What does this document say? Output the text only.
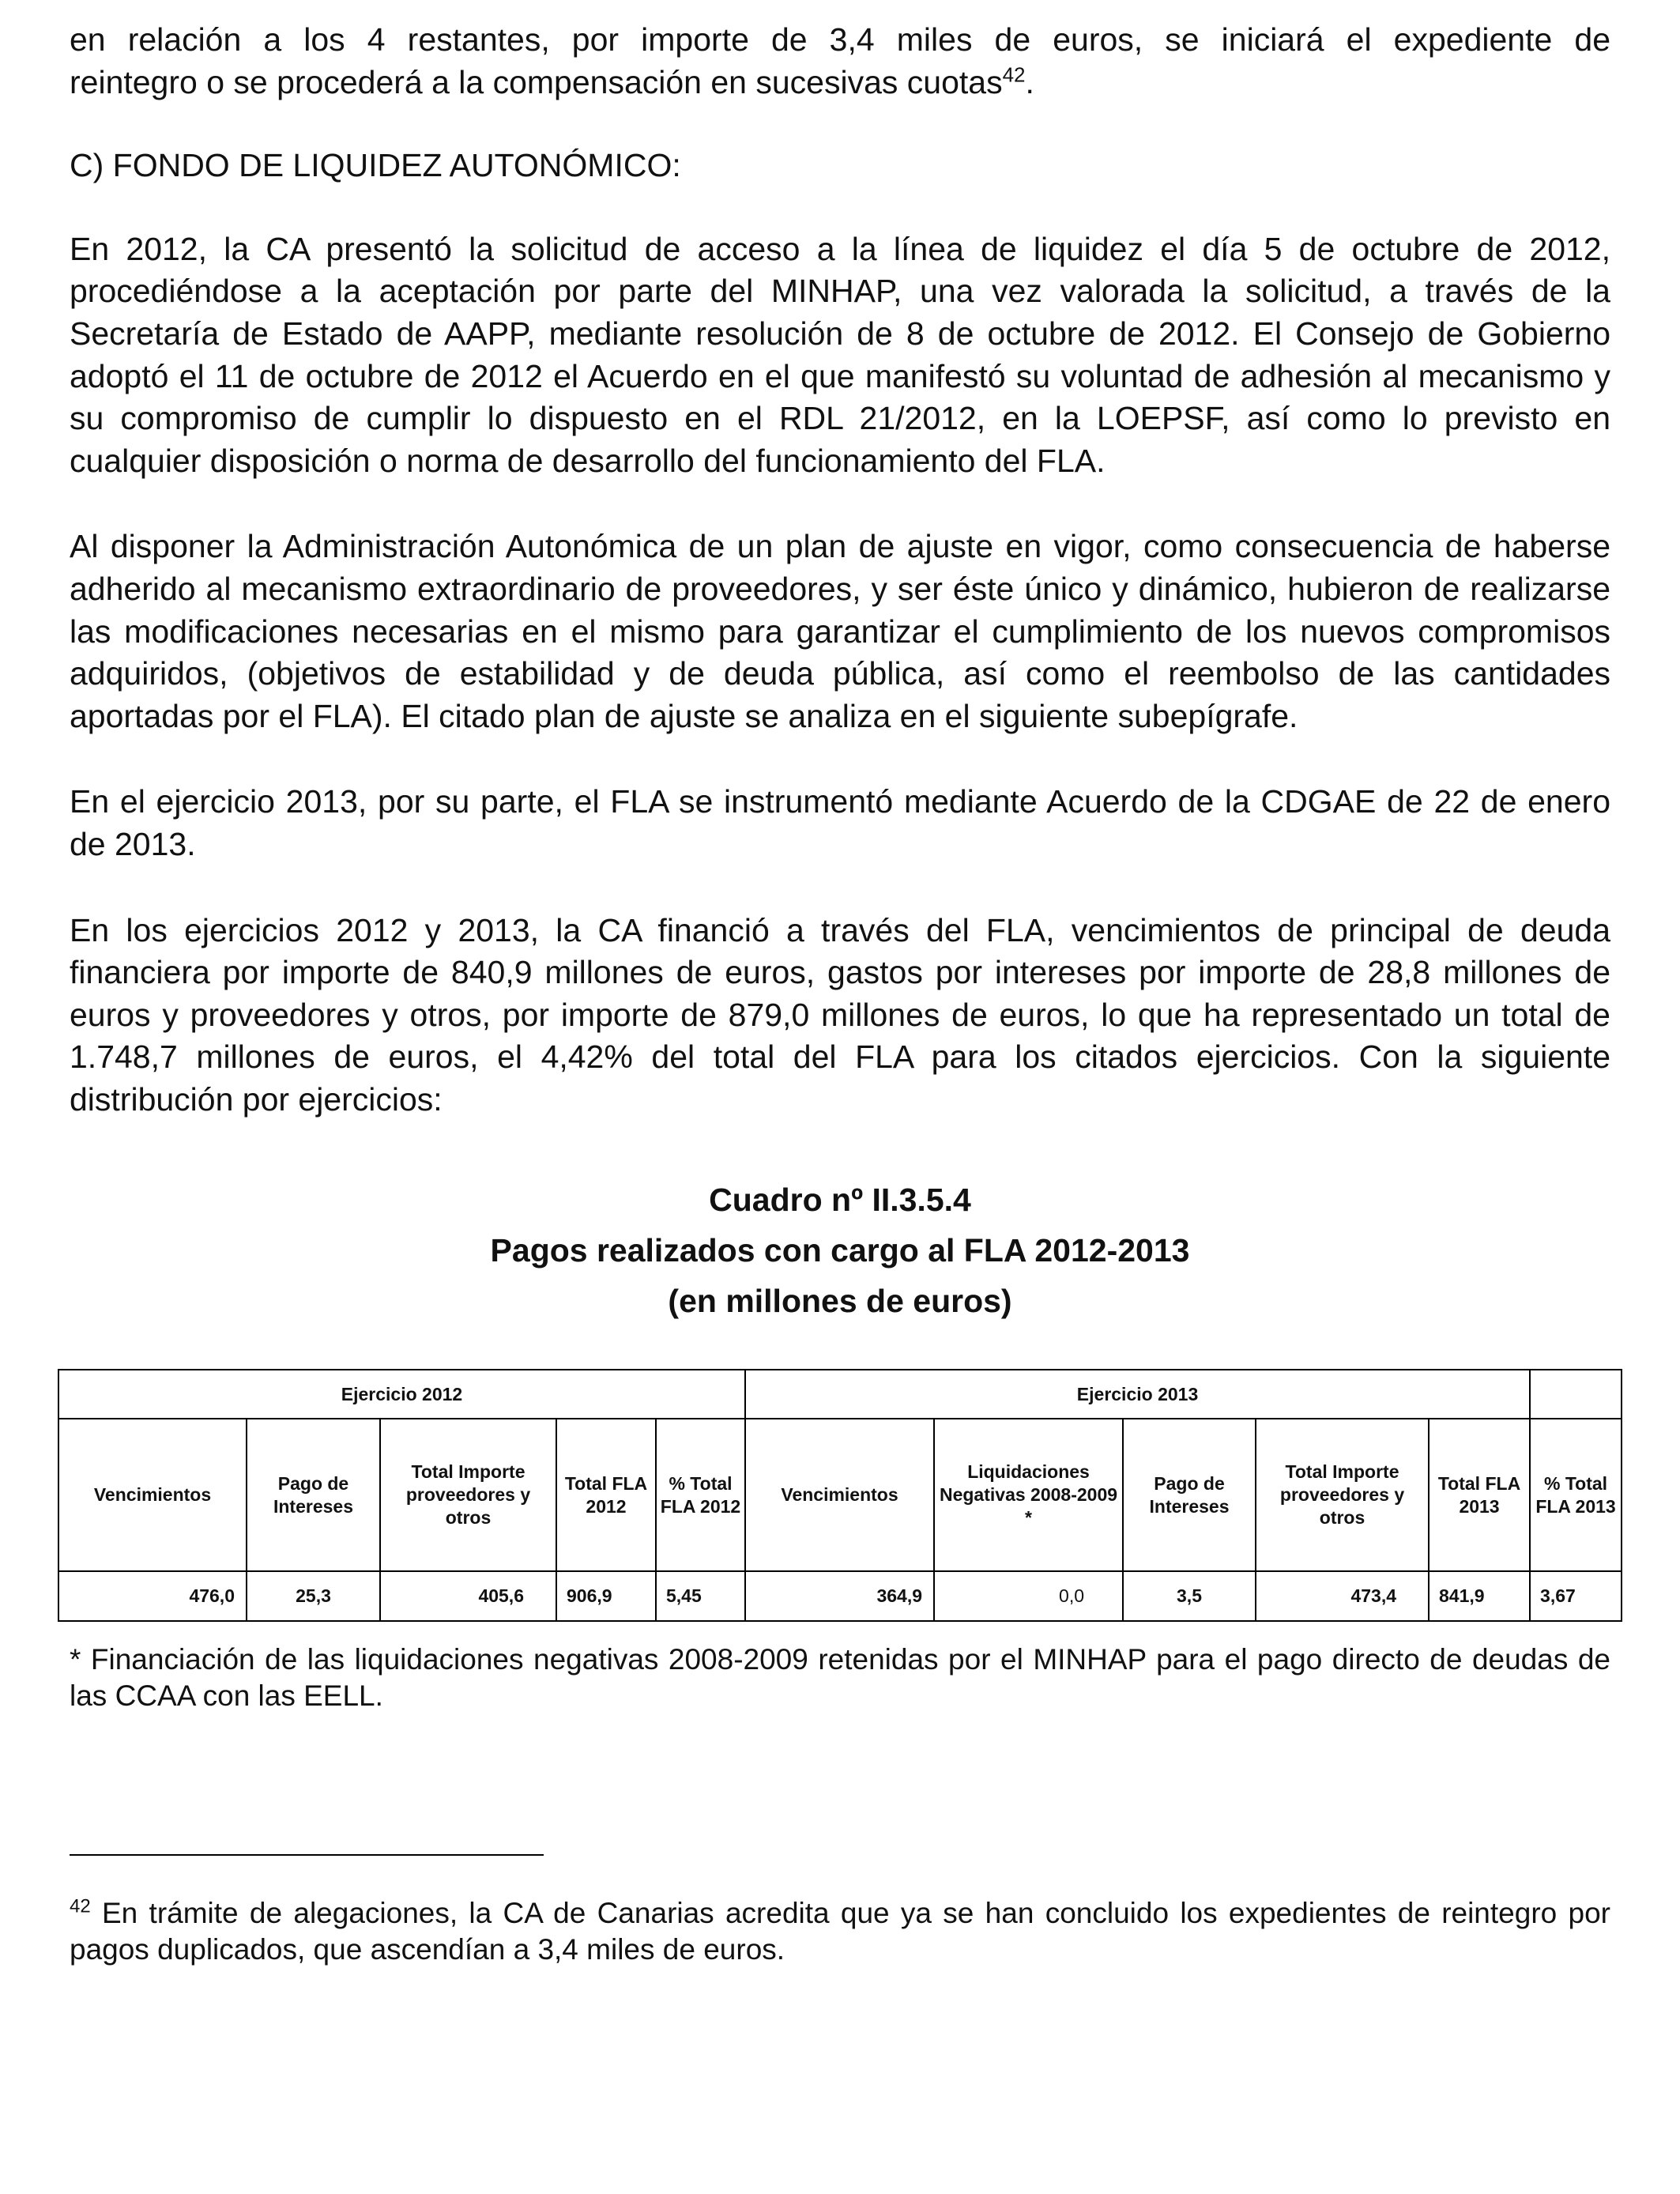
en relación a los 4 restantes, por importe de 3,4 miles de euros, se iniciará el expediente de

reintegro o se procederá a la compensación en sucesivas cuotas$^{42}$.

C) FONDO DE LIQUIDEZ AUTONÓMICO:

En 2012, la CA presentó la solicitud de acceso a la línea de liquidez el día 5 de octubre de 2012, procediéndose a la aceptación por parte del MINHAP, una vez valorada la solicitud, a través de la Secretaría de Estado de AAPP, mediante resolución de 8 de octubre de 2012. El Consejo de Gobierno adoptó el 11 de octubre de 2012 el Acuerdo en el que manifestó su voluntad de adhesión al mecanismo y su compromiso de cumplir lo dispuesto en el RDL 21/2012, en la LOEPSF, así como lo previsto en cualquier disposición o norma de desarrollo del funcionamiento del FLA.

Al disponer la Administración Autonómica de un plan de ajuste en vigor, como consecuencia de haberse adherido al mecanismo extraordinario de proveedores, y ser éste único y dinámico, hubieron de realizarse las modificaciones necesarias en el mismo para garantizar el cumplimiento de los nuevos compromisos adquiridos, (objetivos de estabilidad y de deuda pública, así como el reembolso de las cantidades aportadas por el FLA). El citado plan de ajuste se analiza en el siguiente subepígrafe.

En el ejercicio 2013, por su parte, el FLA se instrumentó mediante Acuerdo de la CDGAE de 22 de enero de 2013.

En los ejercicios 2012 y 2013, la CA financió a través del FLA, vencimientos de principal de deuda financiera por importe de 840,9 millones de euros, gastos por intereses por importe de 28,8 millones de euros y proveedores y otros, por importe de 879,0 millones de euros, lo que ha representado un total de 1.748,7 millones de euros, el 4,42% del total del FLA para los citados ejercicios. Con la siguiente distribución por ejercicios:

Cuadro nº II.3.5.4

Pagos realizados con cargo al FLA 2012-2013

(en millones de euros)

Ejercicio 2012					Ejercicio 2013					
Vencimientos	Pago de Intereses	Total Importe proveedores y otros	Total FLA 2012	% Total FLA 2012	Vencimientos	Liquidaciones Negativas 2008-2009 *	Pago de Intereses	Total Importe proveedores y otros	Total FLA 2013	% Total FLA 2013
476,0	25,3	405,6	906,9	5,45	364,9	0,0	3,5	473,4	841,9	3,67

* Financiación de las liquidaciones negativas 2008-2009 retenidas por el MINHAP para el pago directo de deudas de las CCAA con las EELL.

$^{42}$ En trámite de alegaciones, la CA de Canarias acredita que ya se han concluido los expedientes de reintegro por pagos duplicados, que ascendían a 3,4 miles de euros.
